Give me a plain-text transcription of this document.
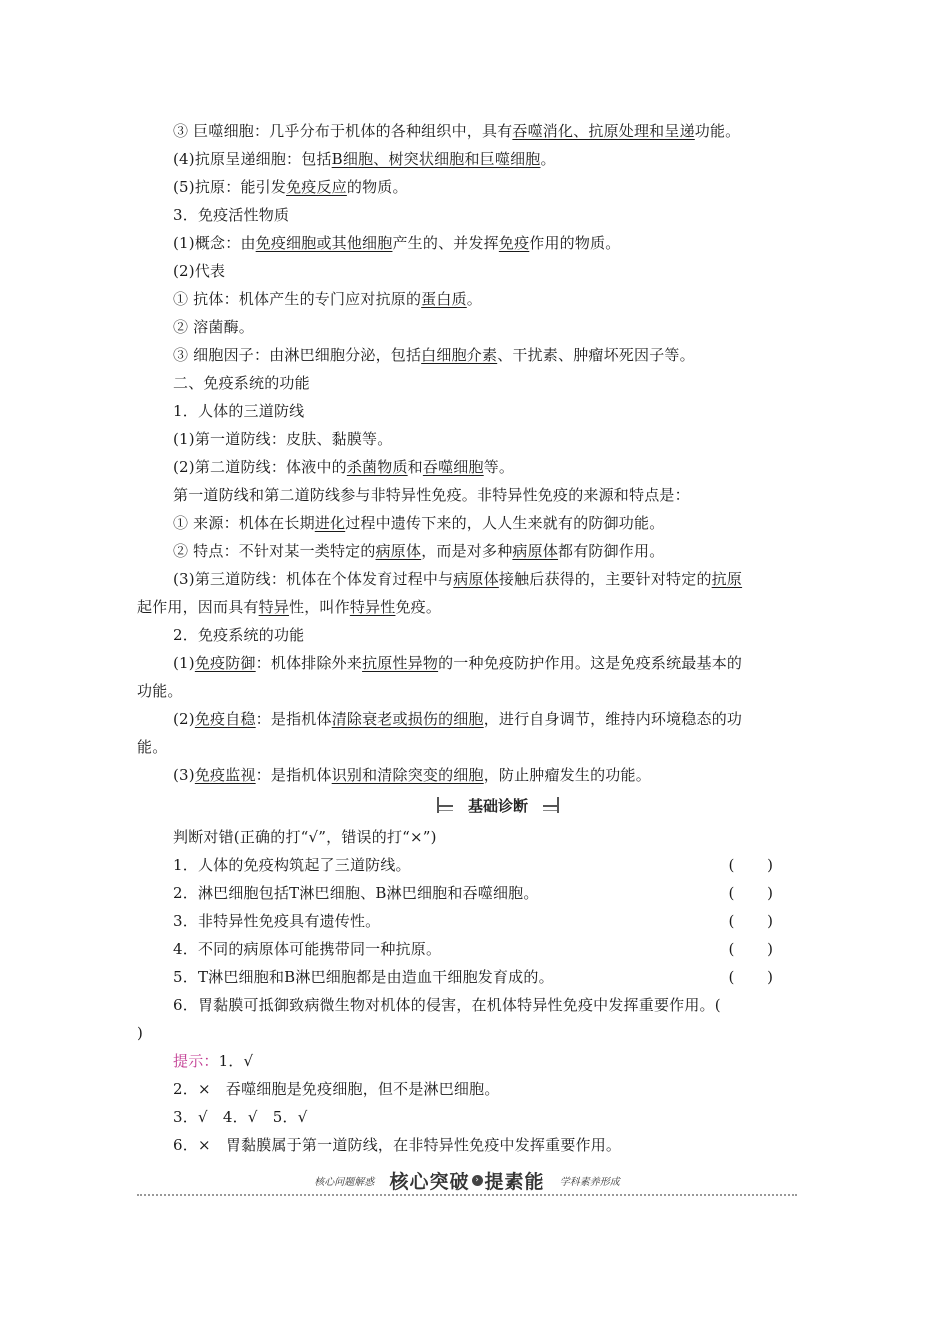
③ 巨噬细胞：几乎分布于机体的各种组织中，具有吞噬消化、抗原处理和呈递功能。
(4)抗原呈递细胞：包括B细胞、树突状细胞和巨噬细胞。
(5)抗原：能引发免疫反应的物质。
3．免疫活性物质
(1)概念：由免疫细胞或其他细胞产生的、并发挥免疫作用的物质。
(2)代表
① 抗体：机体产生的专门应对抗原的蛋白质。
② 溶菌酶。
③ 细胞因子：由淋巴细胞分泌，包括白细胞介素、干扰素、肿瘤坏死因子等。
二、免疫系统的功能
1．人体的三道防线
(1)第一道防线：皮肤、黏膜等。
(2)第二道防线：体液中的杀菌物质和吞噬细胞等。
第一道防线和第二道防线参与非特异性免疫。非特异性免疫的来源和特点是：
① 来源：机体在长期进化过程中遗传下来的，人人生来就有的防御功能。
② 特点：不针对某一类特定的病原体，而是对多种病原体都有防御作用。
(3)第三道防线：机体在个体发育过程中与病原体接触后获得的，主要针对特定的抗原
起作用，因而具有特异性，叫作特异性免疫。
2．免疫系统的功能
(1)免疫防御：机体排除外来抗原性异物的一种免疫防护作用。这是免疫系统最基本的
功能。
(2)免疫自稳：是指机体清除衰老或损伤的细胞，进行自身调节，维持内环境稳态的功
能。
(3)免疫监视：是指机体识别和清除突变的细胞，防止肿瘤发生的功能。
基础诊断
判断对错(正确的打“√”，错误的打“×”)
1．人体的免疫构筑起了三道防线。	( )
2．淋巴细胞包括T淋巴细胞、B淋巴细胞和吞噬细胞。	( )
3．非特异性免疫具有遗传性。	( )
4．不同的病原体可能携带同一种抗原。	( )
5．T淋巴细胞和B淋巴细胞都是由造血干细胞发育成的。	( )
6．胃黏膜可抵御致病微生物对机体的侵害，在机体特异性免疫中发挥重要作用。(
)
提示：1．√
2．×　吞噬细胞是免疫细胞，但不是淋巴细胞。
3．√　4．√　5．√
6．×　胃黏膜属于第一道防线，在非特异性免疫中发挥重要作用。
核心问题解惑 核心突破 › 提素能 学科素养形成
